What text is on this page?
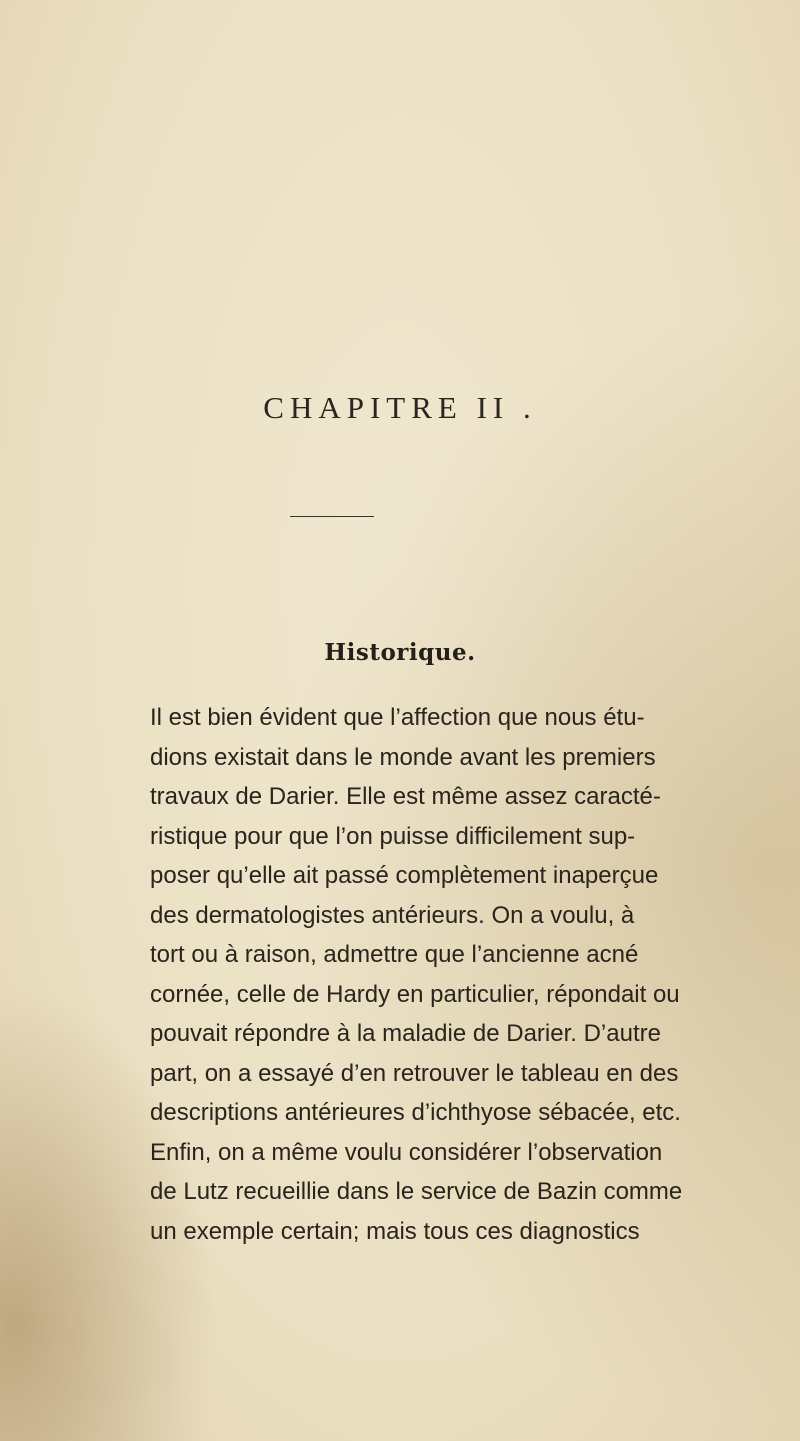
CHAPITRE II .
Historique.
Il est bien évident que l’affection que nous étu-
dions existait dans le monde avant les premiers
travaux de Darier. Elle est même assez caracté-
ristique pour que l’on puisse difficilement sup-
poser qu’elle ait passé complètement inaperçue
des dermatologistes antérieurs. On a voulu, à
tort ou à raison, admettre que l’ancienne acné
cornée, celle de Hardy en particulier, répondait ou
pouvait répondre à la maladie de Darier. D’autre
part, on a essayé d’en retrouver le tableau en des
descriptions antérieures d’ichthyose sébacée, etc.
Enfin, on a même voulu considérer l’observation
de Lutz recueillie dans le service de Bazin comme
un exemple certain; mais tous ces diagnostics
